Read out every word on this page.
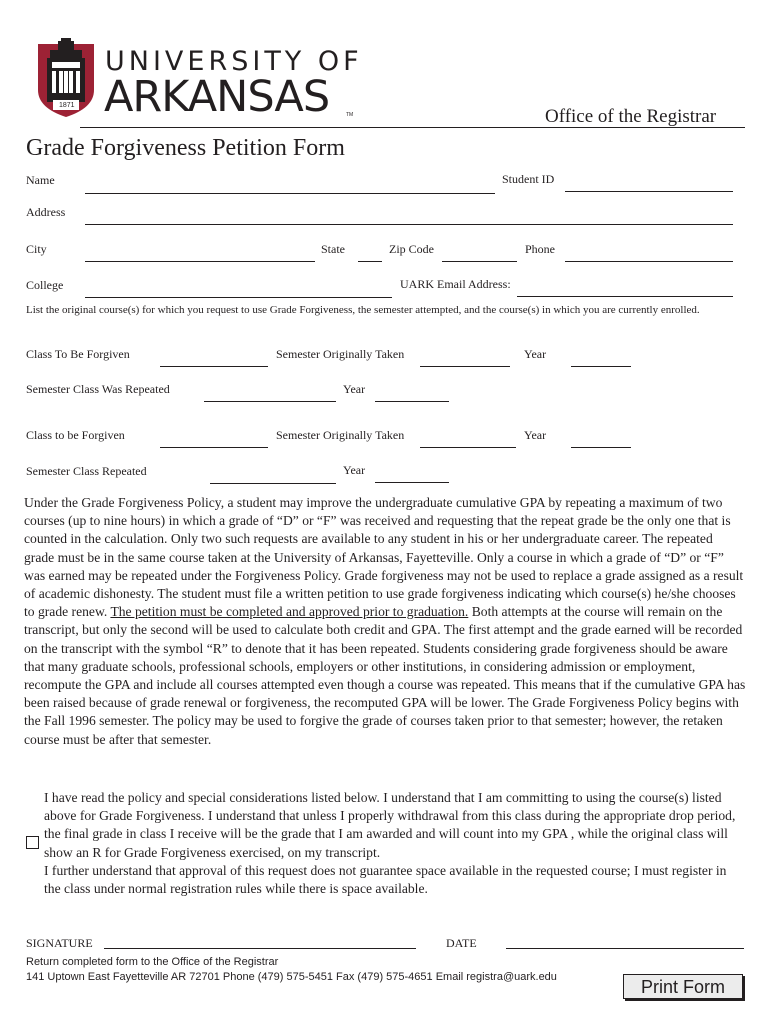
1871
UNIVERSITY OF
ARKANSAS	TM	Office of the Registrar
Grade Forgiveness Petition Form
Name	Student ID
Address
City	State	Zip Code	Phone
College	UARK Email Address:
List the original course(s) for which you request to use Grade Forgiveness, the semester attempted, and the course(s) in which you are currently enrolled.
Class To Be Forgiven	Semester Originally Taken	Year
Semester Class Was Repeated	Year
Class to be Forgiven	Semester Originally Taken	Year
Semester Class Repeated	Year
Under the Grade Forgiveness Policy, a student may improve the undergraduate cumulative GPA by repeating a maximum of two courses (up to nine hours) in which a grade of “D” or “F” was received and requesting that the repeat grade be the only one that is counted in the calculation. Only two such requests are available to any student in his or her undergraduate career. The repeated grade must be in the same course taken at the University of Arkansas, Fayetteville. Only a course in which a grade of “D” or “F” was earned may be repeated under the Forgiveness Policy. Grade forgiveness may not be used to replace a grade assigned as a result of academic dishonesty. The student must file a written petition to use grade forgiveness indicating which course(s) he/she chooses to grade renew. The petition must be completed and approved prior to graduation. Both attempts at the course will remain on the transcript, but only the second will be used to calculate both credit and GPA. The first attempt and the grade earned will be recorded on the transcript with the symbol “R” to denote that it has been repeated. Students considering grade forgiveness should be aware that many graduate schools, professional schools, employers or other institutions, in considering admission or employment, recompute the GPA and include all courses attempted even though a course was repeated. This means that if the cumulative GPA has been raised because of grade renewal or forgiveness, the recomputed GPA will be lower. The Grade Forgiveness Policy begins with the Fall 1996 semester. The policy may be used to forgive the grade of courses taken prior to that semester; however, the retaken course must be after that semester.
I have read the policy and special considerations listed below. I understand that I am committing to using the course(s) listed above for Grade Forgiveness. I understand that unless I properly withdrawal from this class during the appropriate drop period, the final grade in class I receive will be the grade that I am awarded and will count into my GPA , while the original class will show an R for Grade Forgiveness exercised, on my transcript.
I further understand that approval of this request does not guarantee space available in the requested course; I must register in the class under normal registration rules while there is space available.
SIGNATURE	DATE
Return completed form to the Office of the Registrar
141 Uptown East Fayetteville AR 72701 Phone (479) 575-5451 Fax (479) 575-4651 Email registra@uark.edu	Print Form
